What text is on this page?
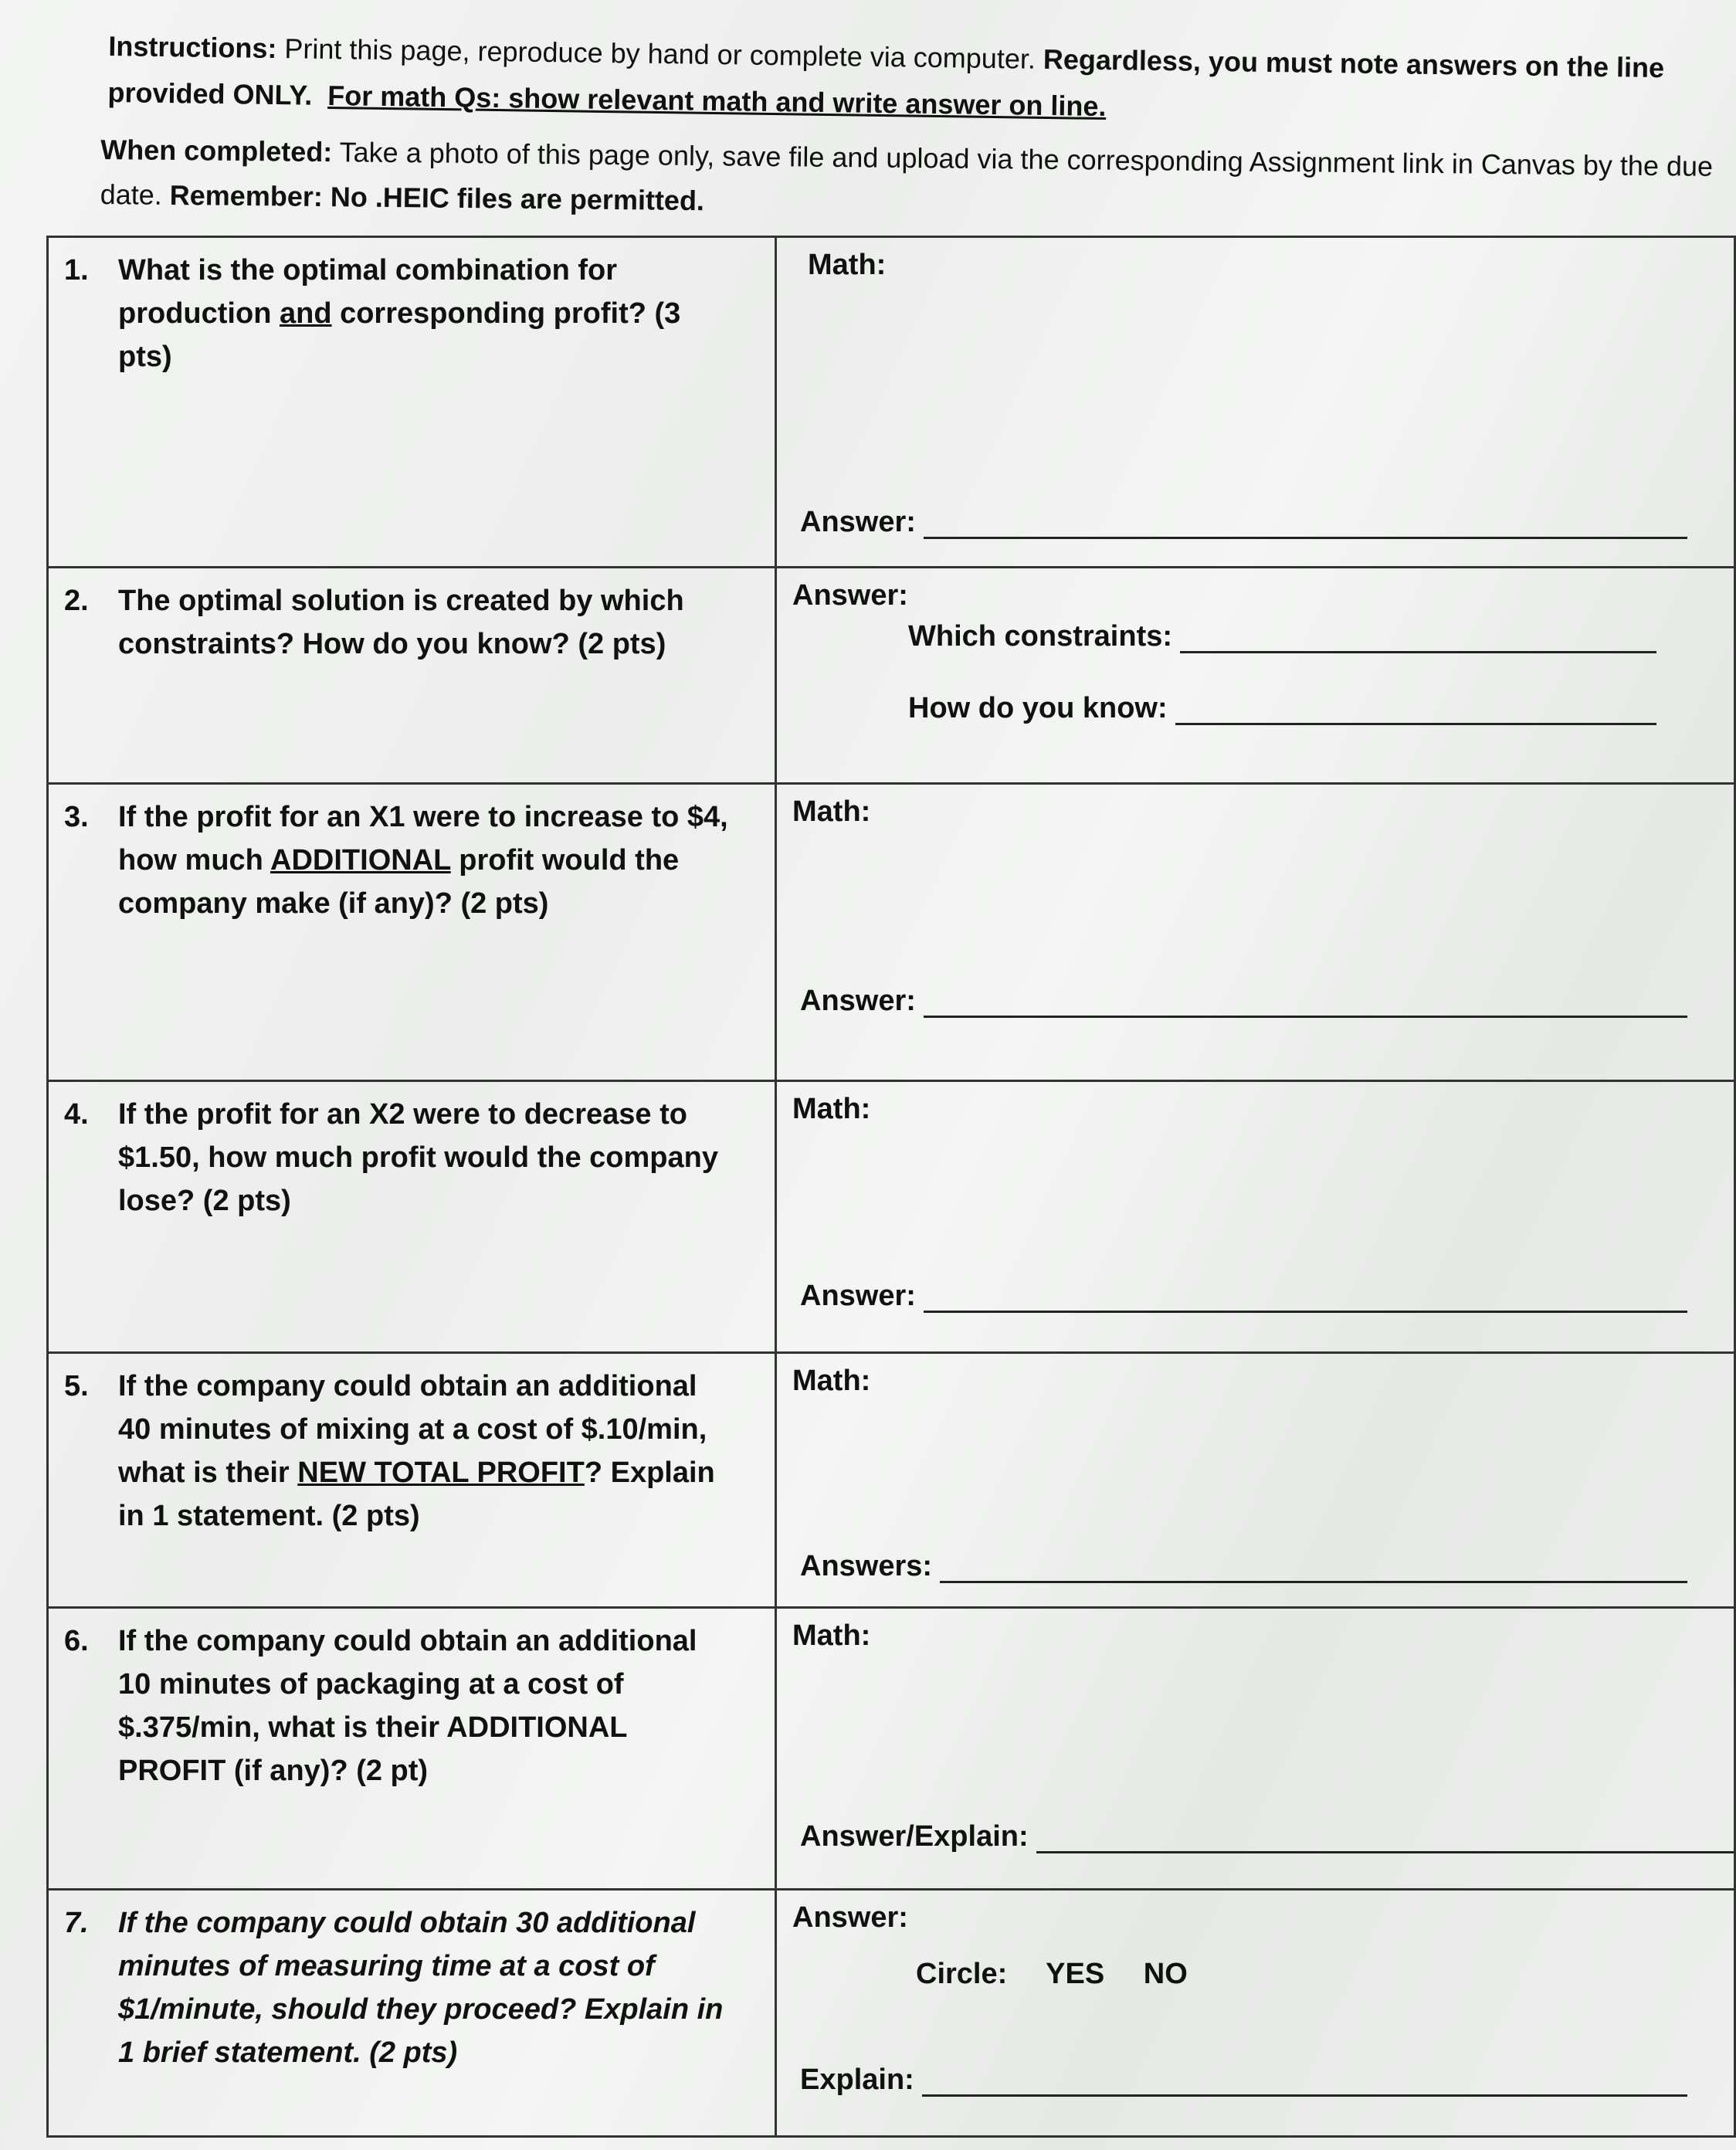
Instructions: Print this page, reproduce by hand or complete via computer. Regardless, you must note answers on the line provided ONLY. For math Qs: show relevant math and write answer on line.
When completed: Take a photo of this page only, save file and upload via the corresponding Assignment link in Canvas by the due date. Remember: No .HEIC files are permitted.
1. What is the optimal combination for production and corresponding profit? (3 pts)	Math:
Answer:

2. The optimal solution is created by which constraints? How do you know? (2 pts)	Answer:
Which constraints:
How do you know:

3. If the profit for an X1 were to increase to $4, how much ADDITIONAL profit would the company make (if any)? (2 pts)	Math:
Answer:

4. If the profit for an X2 were to decrease to $1.50, how much profit would the company lose? (2 pts)	Math:
Answer:

5. If the company could obtain an additional 40 minutes of mixing at a cost of $.10/min, what is their NEW TOTAL PROFIT? Explain in 1 statement. (2 pts)	Math:
Answers:

6. If the company could obtain an additional 10 minutes of packaging at a cost of $.375/min, what is their ADDITIONAL PROFIT (if any)? (2 pt)	Math:
Answer/Explain:

7. If the company could obtain 30 additional minutes of measuring time at a cost of $1/minute, should they proceed? Explain in 1 brief statement. (2 pts)	Answer:
Circle: YES NO
Explain:
